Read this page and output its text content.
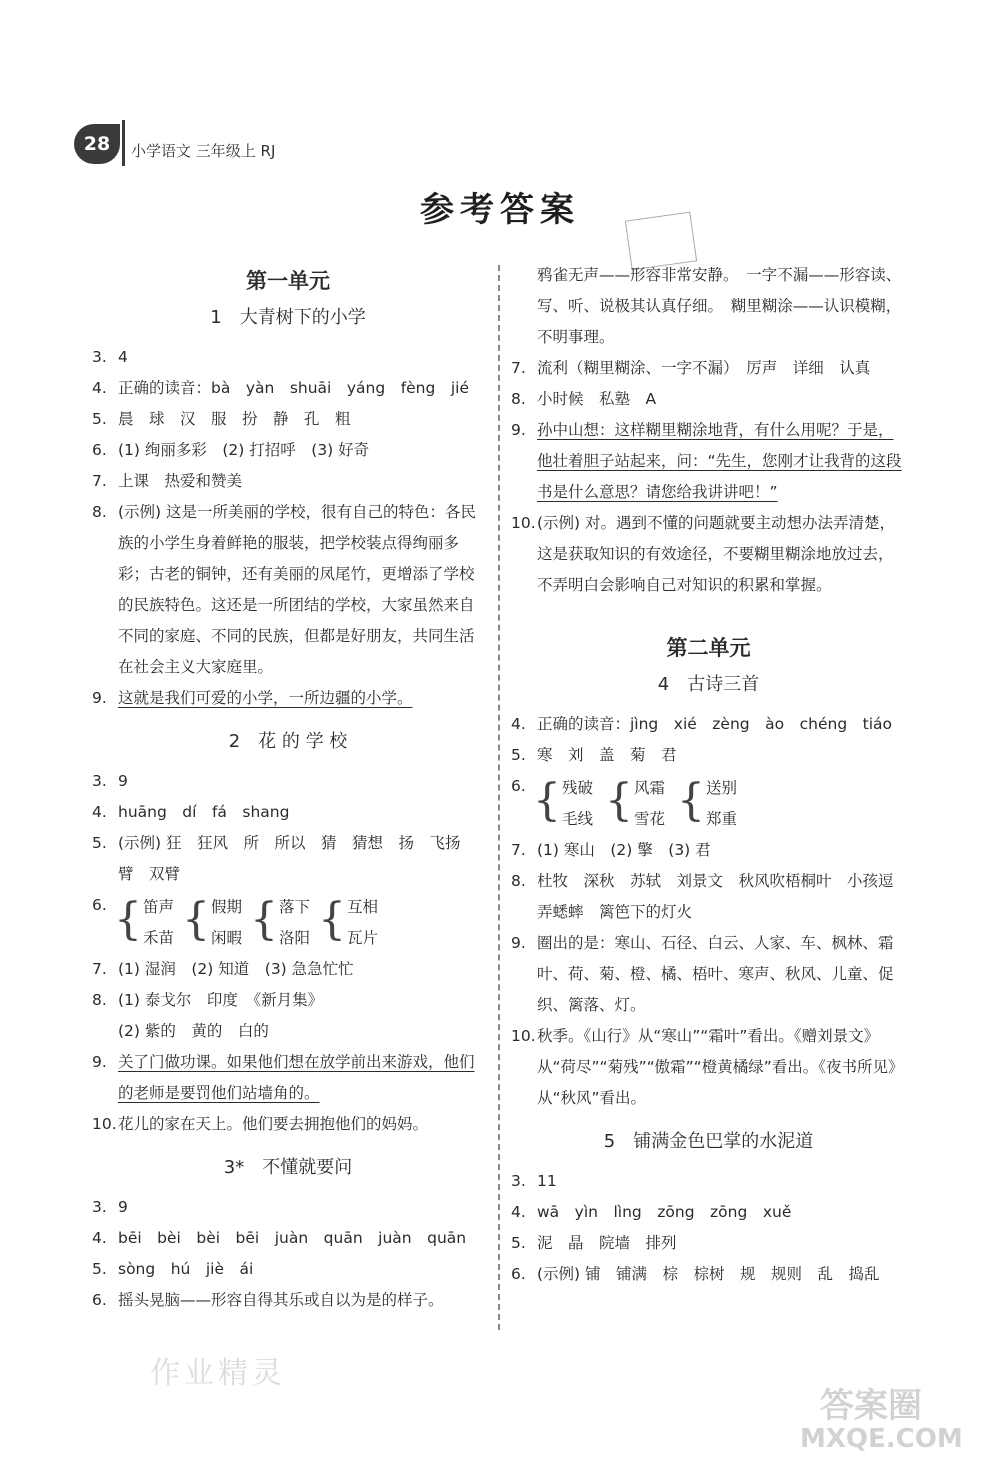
28 小学语文 三年级上 RJ
参考答案
第一单元
1　大青树下的小学
3. 4
4. 正确的读音：bà　yàn　shuāi　yáng　fèng　jié
5. 晨　球　汉　服　扮　静　孔　粗
6. (1) 绚丽多彩　(2) 打招呼　(3) 好奇
7. 上课　热爱和赞美
8. (示例) 这是一所美丽的学校，很有自己的特色：各民族的小学生身着鲜艳的服装，把学校装点得绚丽多彩；古老的铜钟，还有美丽的凤尾竹，更增添了学校的民族特色。这还是一所团结的学校，大家虽然来自不同的家庭、不同的民族，但都是好朋友，共同生活在社会主义大家庭里。
9. 这就是我们可爱的小学，一所边疆的小学。
2　花 的 学 校
3. 9
4. huāng　dí　fá　shang
5. (示例) 狂　狂风　所　所以　猜　猜想　扬　飞扬　臂　双臂
6. { 笛声
禾苗 { 假期
闲暇 { 落下
洛阳 { 互相
瓦片
7. (1) 湿润　(2) 知道　(3) 急急忙忙
8. (1) 泰戈尔　印度　《新月集》
(2) 紫的　黄的　白的
9. 关了门做功课。如果他们想在放学前出来游戏，他们的老师是要罚他们站墙角的。
10. 花儿的家在天上。他们要去拥抱他们的妈妈。
3*　不懂就要问
3. 9
4. bēi　bèi　bèi　bēi　juàn　quān　juàn　quān
5. sòng　hú　jiè　ái
6. 摇头晃脑——形容自得其乐或自以为是的样子。
鸦雀无声——形容非常安静。　一字不漏——形容读、写、听、说极其认真仔细。　糊里糊涂——认识模糊，不明事理。
7. 流利（糊里糊涂、一字不漏）　厉声　详细　认真
8. 小时候　私塾　A
9. 孙中山想：这样糊里糊涂地背，有什么用呢？于是，他壮着胆子站起来，问：“先生，您刚才让我背的这段书是什么意思？请您给我讲讲吧！”
10. (示例) 对。遇到不懂的问题就要主动想办法弄清楚，这是获取知识的有效途径，不要糊里糊涂地放过去，不弄明白会影响自己对知识的积累和掌握。
第二单元
4　古诗三首
4. 正确的读音：jìng　xié　zèng　ào　chéng　tiáo
5. 寒　刘　盖　菊　君
6. { 残破
毛线 { 风霜
雪花 { 送别
郑重
7. (1) 寒山　(2) 擎　(3) 君
8. 杜牧　深秋　苏轼　刘景文　秋风吹梧桐叶　小孩逗弄蟋蟀　篱笆下的灯火
9. 圈出的是：寒山、石径、白云、人家、车、枫林、霜叶、荷、菊、橙、橘、梧叶、寒声、秋风、儿童、促织、篱落、灯。
10. 秋季。《山行》从“寒山”“霜叶”看出。《赠刘景文》从“荷尽”“菊残”“傲霜”“橙黄橘绿”看出。《夜书所见》从“秋风”看出。
5　铺满金色巴掌的水泥道
3. 11
4. wā　yìn　lìng　zōng　zōng　xuě
5. 泥　晶　院墙　排列
6. (示例) 铺　铺满　棕　棕树　规　规则　乱　捣乱
作业精灵
答案圈
MXQE.COM
